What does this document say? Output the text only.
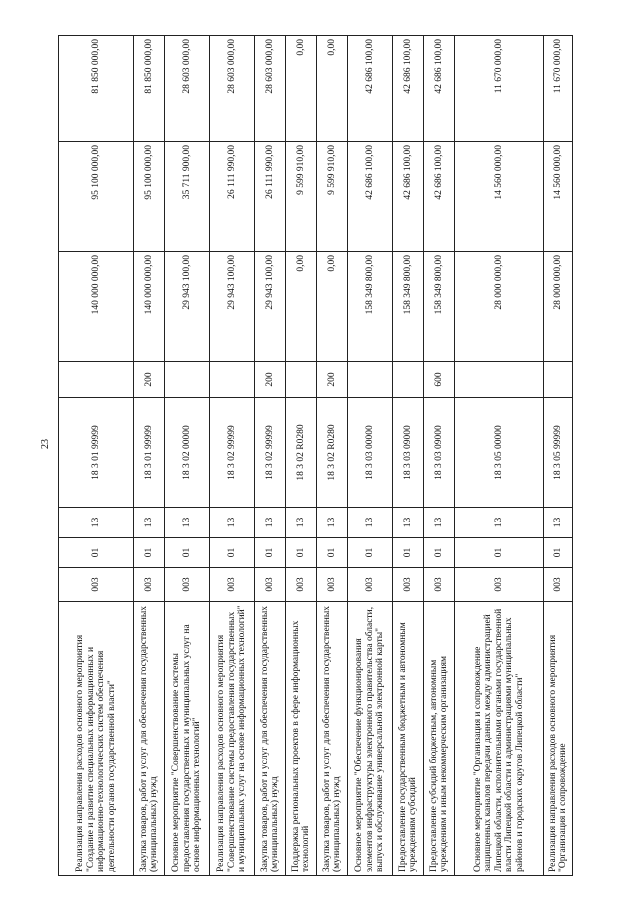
23
Реализация направления расходов основного мероприятия "Создание и развитие специальных информационных и информационно-технологических систем обеспечения деятельности органов государственной власти"	003	01	13	18 3 01 99999		140 000 000,00	95 100 000,00	81 850 000,00
Закупка товаров, работ и услуг для обеспечения государственных (муниципальных) нужд	003	01	13	18 3 01 99999	200	140 000 000,00	95 100 000,00	81 850 000,00
Основное мероприятие "Совершенствование системы предоставления государственных и муниципальных услуг на основе информационных технологий"	003	01	13	18 3 02 00000		29 943 100,00	35 711 900,00	28 603 000,00
Реализация направления расходов основного мероприятия "Совершенствование системы предоставления государственных и муниципальных услуг на основе информационных технологий"	003	01	13	18 3 02 99999		29 943 100,00	26 111 990,00	28 603 000,00
Закупка товаров, работ и услуг для обеспечения государственных (муниципальных) нужд	003	01	13	18 3 02 99999	200	29 943 100,00	26 111 990,00	28 603 000,00
Поддержка региональных проектов в сфере информационных технологий	003	01	13	18 3 02 R0280		0,00	9 599 910,00	0,00
Закупка товаров, работ и услуг для обеспечения государственных (муниципальных) нужд	003	01	13	18 3 02 R0280	200	0,00	9 599 910,00	0,00
Основное мероприятие "Обеспечение функционирования элементов инфраструктуры электронного правительства области, выпуск и обслуживание универсальной электронной карты"	003	01	13	18 3 03 00000		158 349 800,00	42 686 100,00	42 686 100,00
Предоставление государственным бюджетным и автономным учреждениям субсидий	003	01	13	18 3 03 09000		158 349 800,00	42 686 100,00	42 686 100,00
Предоставление субсидий бюджетным, автономным учреждениям и иным некоммерческим организациям	003	01	13	18 3 03 09000	600	158 349 800,00	42 686 100,00	42 686 100,00
Основное мероприятие "Организация и сопровождение защищенных каналов передачи данных между администрацией Липецкой области, исполнительными органами государственной власти Липецкой области и администрациями муниципальных районов и городских округов Липецкой области"	003	01	13	18 3 05 00000		28 000 000,00	14 560 000,00	11 670 000,00
Реализация направления расходов основного мероприятия "Организация и сопровождение	003	01	13	18 3 05 99999		28 000 000,00	14 560 000,00	11 670 000,00
